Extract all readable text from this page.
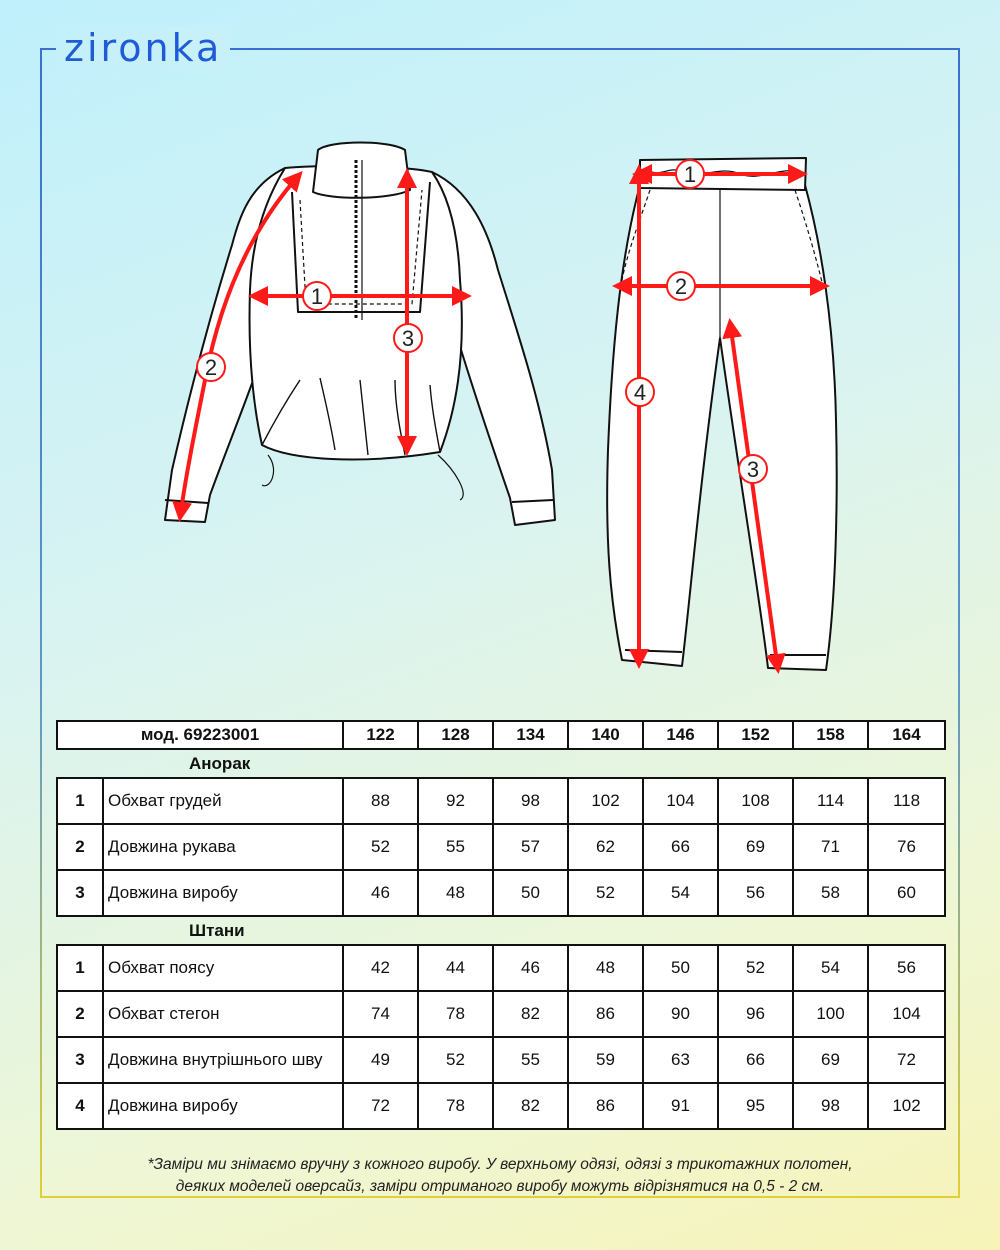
zironka
1
2
3
1
2
3
4
мод. 69223001		122	128	134	140	146	152	158	164
Анорак									
1	Обхват грудей	88	92	98	102	104	108	114	118
2	Довжина рукава	52	55	57	62	66	69	71	76
3	Довжина виробу	46	48	50	52	54	56	58	60
Штани									
1	Обхват поясу	42	44	46	48	50	52	54	56
2	Обхват стегон	74	78	82	86	90	96	100	104
3	Довжина внутрішнього шву	49	52	55	59	63	66	69	72
4	Довжина виробу	72	78	82	86	91	95	98	102
*Заміри ми знімаємо вручну з кожного виробу. У верхньому одязі, одязі з трикотажних полотен,
деяких моделей оверсайз, заміри отриманого виробу можуть відрізнятися на 0,5 - 2 см.
